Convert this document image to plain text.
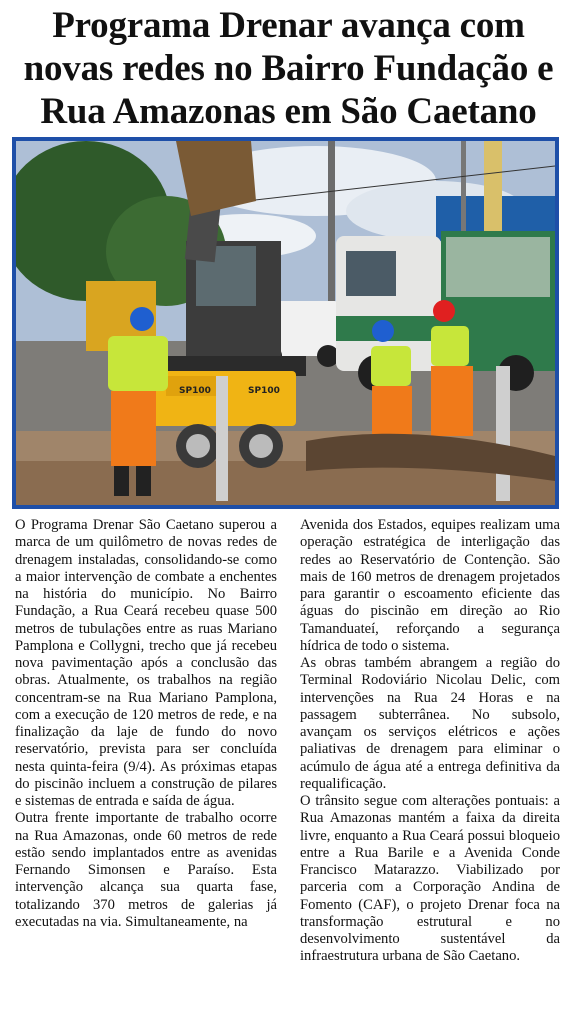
Programa Drenar avança com
novas redes no Bairro Fundação e
Rua Amazonas em São Caetano
SP100	SP100

O Programa Drenar São Caetano superou a marca de um quilômetro de novas redes de drenagem instaladas, consolidando-se como a maior intervenção de combate a enchentes na história do município. No Bairro Fundação, a Rua Ceará recebeu quase 500 metros de tubulações entre as ruas Mariano Pamplona e Collygni, trecho que já recebeu nova pavimentação após a conclusão das obras. Atualmente, os trabalhos na região concentram-se na Rua Mariano Pamplona, com a execução de 120 metros de rede, e na finalização da laje de fundo do novo reservatório, prevista para ser concluída nesta quinta-feira (9/4). As próximas etapas do piscinão incluem a construção de pilares e sistemas de entrada e saída de água.

Outra frente importante de trabalho ocorre na Rua Amazonas, onde 60 metros de rede estão sendo implantados entre as avenidas Fernando Simonsen e Paraíso. Esta intervenção alcança sua quarta fase, totalizando 370 metros de galerias já executadas na via. Simultaneamente, na

Avenida dos Estados, equipes realizam uma operação estratégica de interligação das redes ao Reservatório de Contenção. São mais de 160 metros de drenagem projetados para garantir o escoamento eficiente das águas do piscinão em direção ao Rio Tamanduateí, reforçando a segurança hídrica de todo o sistema.

As obras também abrangem a região do Terminal Rodoviário Nicolau Delic, com intervenções na Rua 24 Horas e na passagem subterrânea. No subsolo, avançam os serviços elétricos e ações paliativas de drenagem para eliminar o acúmulo de água até a entrega definitiva da requalificação.

O trânsito segue com alterações pontuais: a Rua Amazonas mantém a faixa da direita livre, enquanto a Rua Ceará possui bloqueio entre a Rua Barile e a Avenida Conde Francisco Matarazzo. Viabilizado por parceria com a Corporação Andina de Fomento (CAF), o projeto Drenar foca na transformação estrutural e no desenvolvimento sustentável da infraestrutura urbana de São Caetano.
